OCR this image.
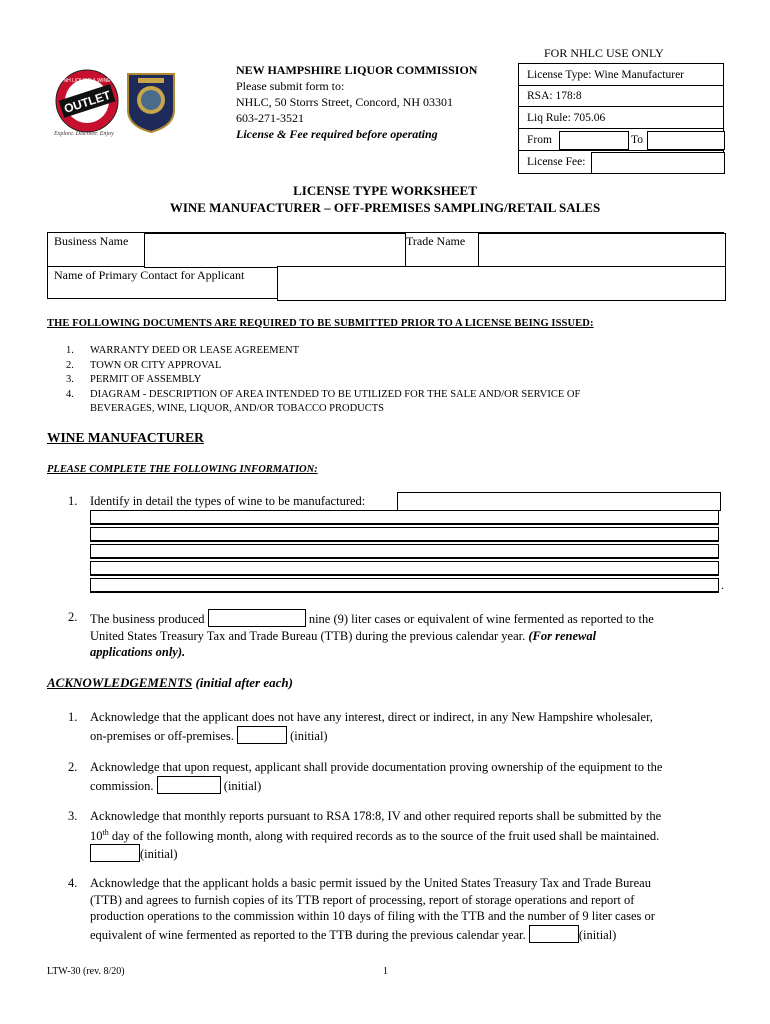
OUTLET
NH LIQUOR & WINE
Explore. Discover. Enjoy
NEW HAMPSHIRE LIQUOR COMMISSION
Please submit form to:
NHLC, 50 Storrs Street, Concord, NH 03301
603-271-3521
License & Fee required before operating
FOR NHLC USE ONLY
License Type: Wine Manufacturer
RSA: 178:8
Liq Rule: 705.06
From	To
License Fee:
LICENSE TYPE WORKSHEET
WINE MANUFACTURER – OFF-PREMISES SAMPLING/RETAIL SALES
Business Name	Trade Name
Name of Primary Contact for Applicant
THE FOLLOWING DOCUMENTS ARE REQUIRED TO BE SUBMITTED PRIOR TO A LICENSE BEING ISSUED:
1. WARRANTY DEED OR LEASE AGREEMENT
2. TOWN OR CITY APPROVAL
3. PERMIT OF ASSEMBLY
4. DIAGRAM - DESCRIPTION OF AREA INTENDED TO BE UTILIZED FOR THE SALE AND/OR SERVICE OF
BEVERAGES, WINE, LIQUOR, AND/OR TOBACCO PRODUCTS
WINE MANUFACTURER
PLEASE COMPLETE THE FOLLOWING INFORMATION:
1. Identify in detail the types of wine to be manufactured:
.
2. The business produced	nine (9) liter cases or equivalent of wine fermented as reported to the
United States Treasury Tax and Trade Bureau (TTB) during the previous calendar year. (For renewal
applications only).
ACKNOWLEDGEMENTS (initial after each)
1. Acknowledge that the applicant does not have any interest, direct or indirect, in any New Hampshire wholesaler,
on-premises or off-premises.	(initial)
2. Acknowledge that upon request, applicant shall provide documentation proving ownership of the equipment to the
commission.	(initial)
3. Acknowledge that monthly reports pursuant to RSA 178:8, IV and other required reports shall be submitted by the
10th day of the following month, along with required records as to the source of the fruit used shall be maintained.
(initial)
4. Acknowledge that the applicant holds a basic permit issued by the United States Treasury Tax and Trade Bureau
(TTB) and agrees to furnish copies of its TTB report of processing, report of storage operations and report of
production operations to the commission within 10 days of filing with the TTB and the number of 9 liter cases or
equivalent of wine fermented as reported to the TTB during the previous calendar year.	(initial)
LTW-30 (rev. 8/20)	1
